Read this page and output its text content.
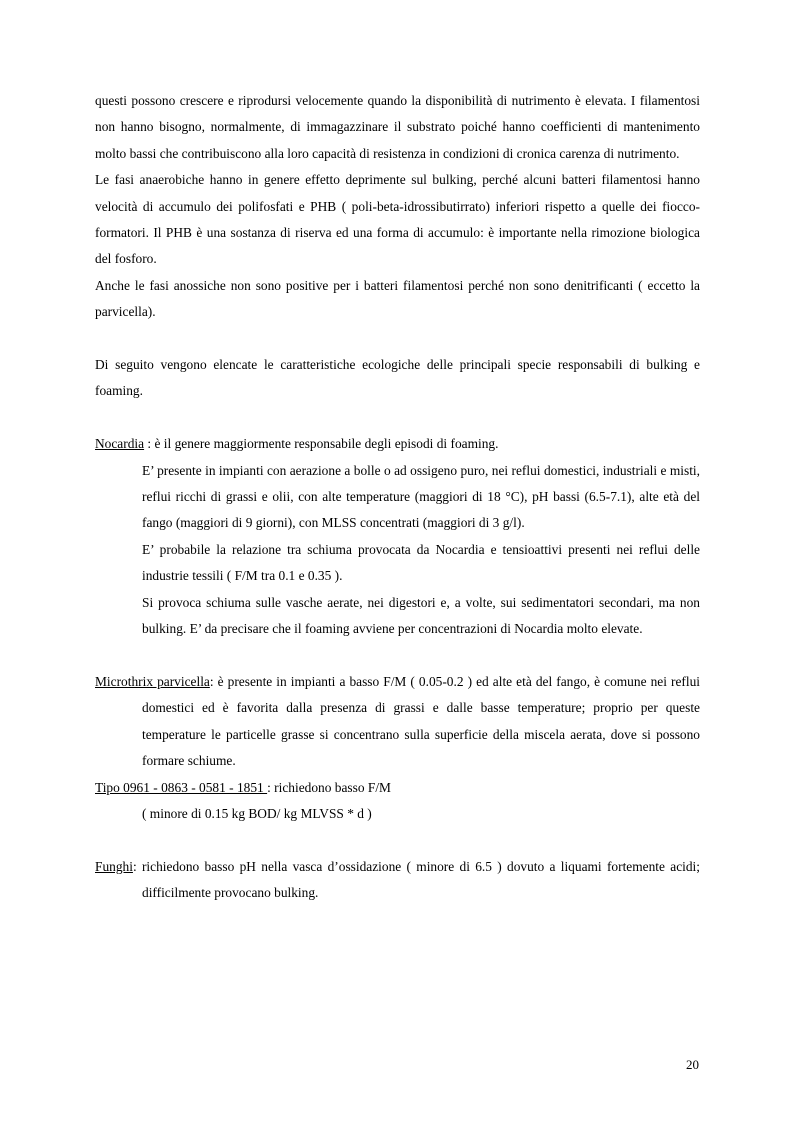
questi possono crescere e riprodursi velocemente quando la disponibilità di nutrimento è elevata. I filamentosi non hanno bisogno, normalmente, di immagazzinare il substrato poiché hanno coefficienti di mantenimento molto bassi che contribuiscono alla loro capacità di resistenza in condizioni di cronica carenza di nutrimento.

Le fasi anaerobiche hanno in genere effetto deprimente sul bulking, perché alcuni batteri filamentosi hanno velocità di accumulo dei polifosfati e PHB ( poli-beta-idrossibutirrato) inferiori rispetto a quelle dei fiocco-formatori. Il PHB è una sostanza di riserva ed una forma di accumulo: è importante nella rimozione biologica del fosforo.

Anche le fasi anossiche non sono positive per i batteri filamentosi perché non sono denitrificanti ( eccetto la parvicella).

Di seguito vengono elencate le caratteristiche ecologiche delle principali specie responsabili di bulking e foaming.

Nocardia : è il genere maggiormente responsabile degli episodi di foaming.

E’ presente in impianti con aerazione a bolle o ad ossigeno puro, nei reflui domestici, industriali e misti, reflui ricchi di grassi e olii, con alte temperature (maggiori di 18 °C), pH bassi (6.5-7.1), alte età del fango (maggiori di 9 giorni), con MLSS concentrati (maggiori di 3 g/l).

E’ probabile la relazione tra schiuma provocata da Nocardia e tensioattivi presenti nei reflui delle industrie tessili ( F/M tra 0.1 e 0.35 ).

Si provoca schiuma sulle vasche aerate, nei digestori e, a volte, sui sedimentatori secondari, ma non bulking. E’ da precisare che il foaming avviene per concentrazioni di Nocardia molto elevate.

Microthrix parvicella: è presente in impianti a basso F/M ( 0.05-0.2 ) ed alte età del fango, è comune nei reflui domestici ed è favorita dalla presenza di grassi e dalle basse temperature; proprio per queste temperature le particelle grasse si concentrano sulla superficie della miscela aerata, dove si possono formare schiume.

Tipo 0961 - 0863 - 0581 - 1851 : richiedono basso F/M

( minore di 0.15 kg BOD/ kg MLVSS * d )

Funghi: richiedono basso pH nella vasca d’ossidazione ( minore di 6.5 ) dovuto a liquami fortemente acidi; difficilmente provocano bulking.

20
